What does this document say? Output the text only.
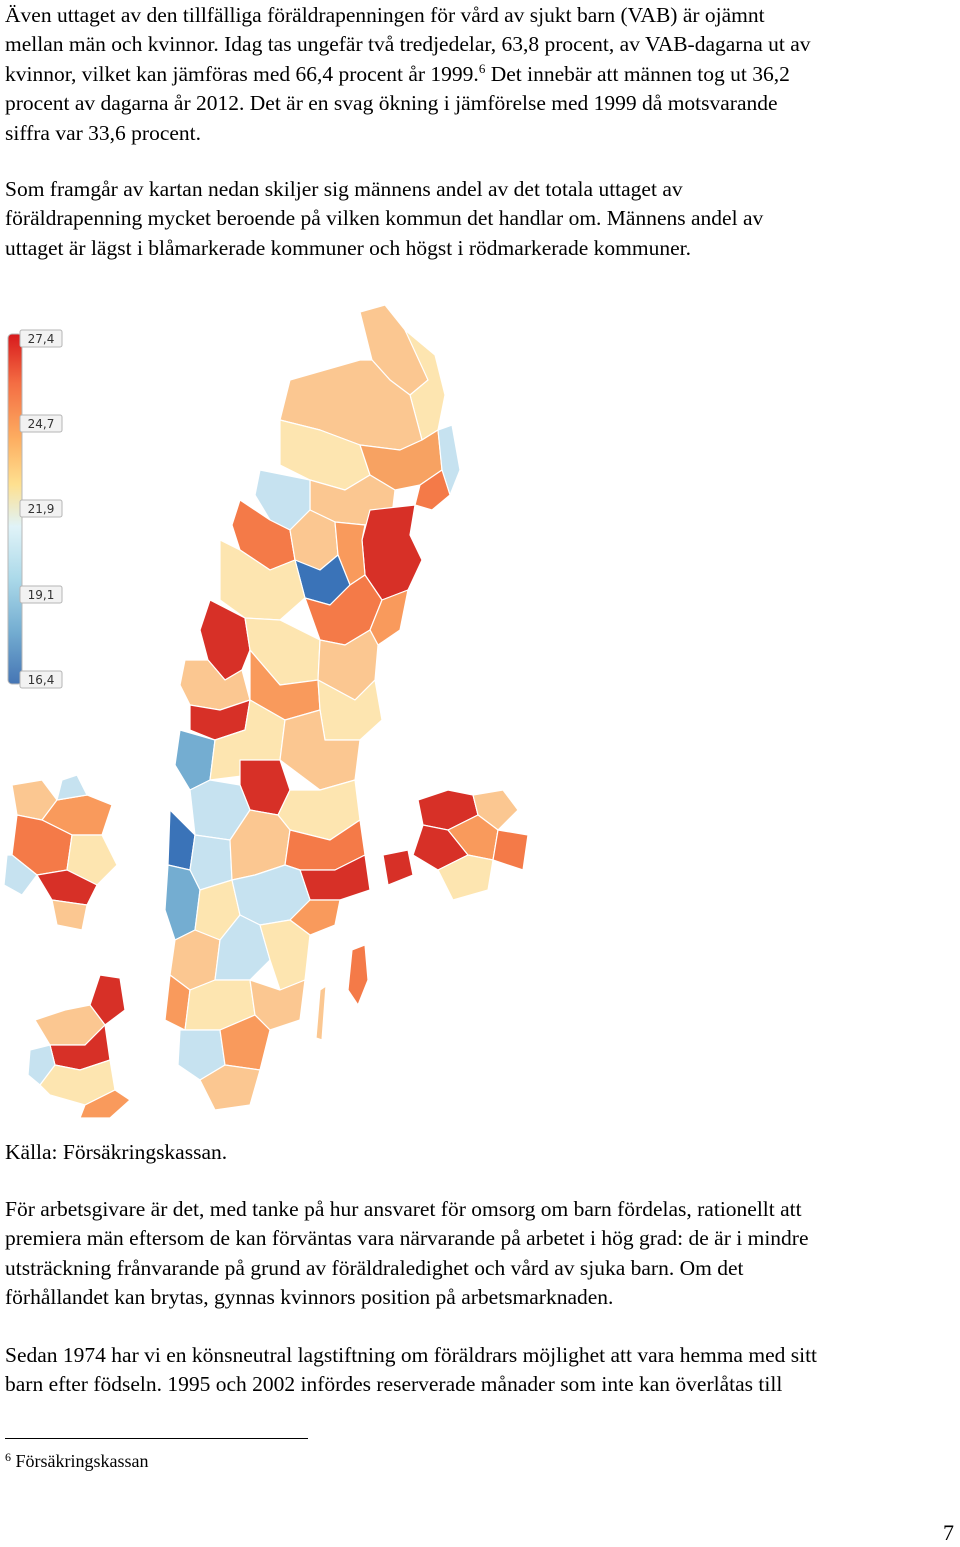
Även uttaget av den tillfälliga föräldrapenningen för vård av sjukt barn (VAB) är ojämnt
mellan män och kvinnor. Idag tas ungefär två tredjedelar, 63,8 procent, av VAB-dagarna ut av
kvinnor, vilket kan jämföras med 66,4 procent år 1999.$^6$ Det innebär att männen tog ut 36,2
procent av dagarna år 2012. Det är en svag ökning i jämförelse med 1999 då motsvarande
siffra var 33,6 procent.
Som framgår av kartan nedan skiljer sig männens andel av det totala uttaget av
föräldrapenning mycket beroende på vilken kommun det handlar om. Männens andel av
uttaget är lägst i blåmarkerade kommuner och högst i rödmarkerade kommuner.
27,4
24,7
21,9
19,1
16,4
Källa: Försäkringskassan.
För arbetsgivare är det, med tanke på hur ansvaret för omsorg om barn fördelas, rationellt att
premiera män eftersom de kan förväntas vara närvarande på arbetet i hög grad: de är i mindre
utsträckning frånvarande på grund av föräldraledighet och vård av sjuka barn. Om det
förhållandet kan brytas, gynnas kvinnors position på arbetsmarknaden.
Sedan 1974 har vi en könsneutral lagstiftning om föräldrars möjlighet att vara hemma med sitt
barn efter födseln. 1995 och 2002 infördes reserverade månader som inte kan överlåtas till
$^6$ Försäkringskassan
7
